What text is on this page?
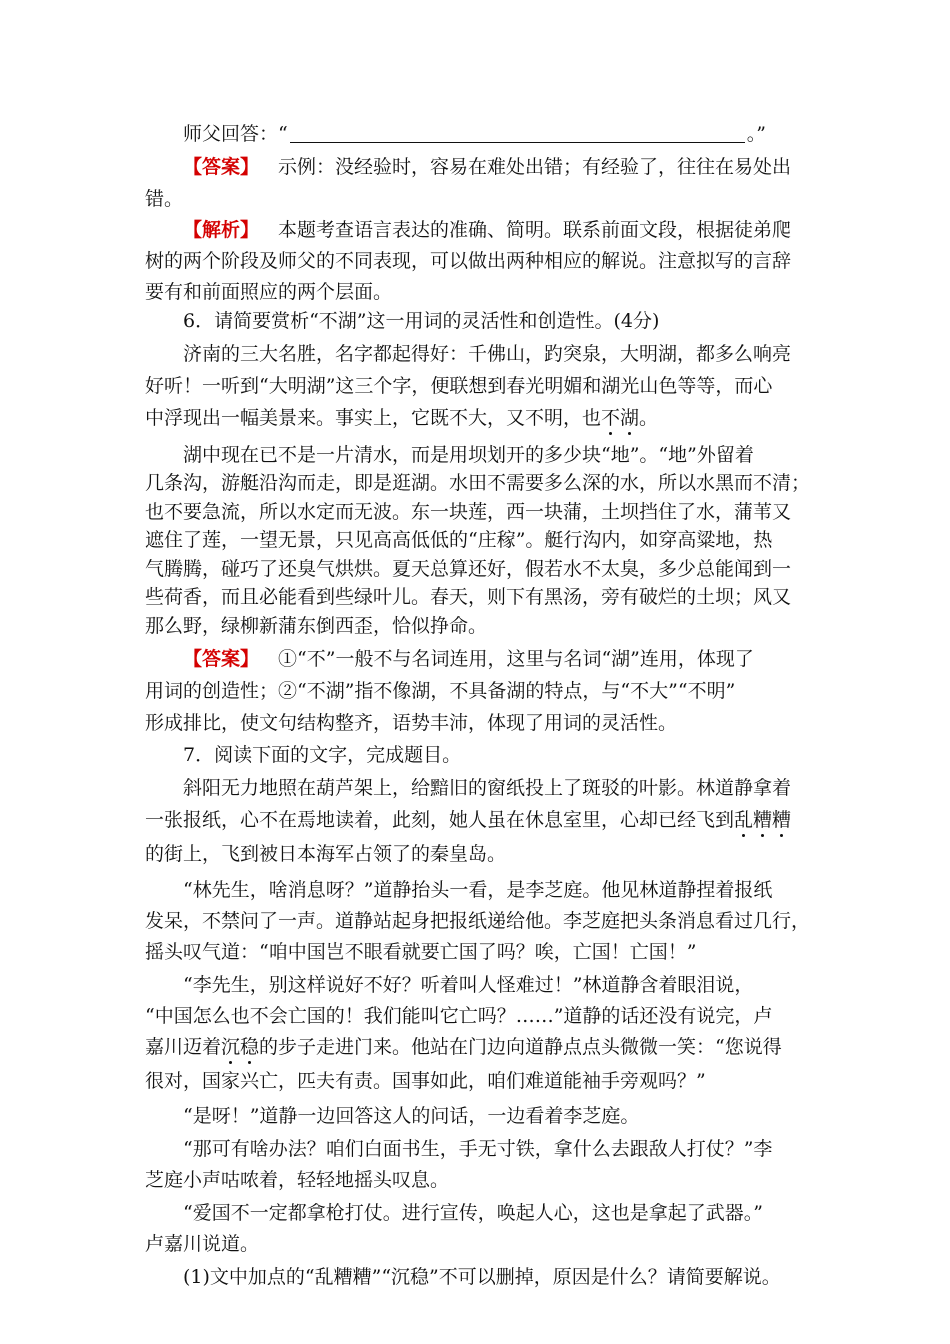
师父回答：“	。”
【答案】  示例：没经验时，容易在难处出错；有经验了，往往在易处出
错。
【解析】  本题考查语言表达的准确、简明。联系前面文段，根据徒弟爬
树的两个阶段及师父的不同表现，可以做出两种相应的解说。注意拟写的言辞
要有和前面照应的两个层面。
6．请简要赏析“不湖”这一用词的灵活性和创造性。(4分)
济南的三大名胜，名字都起得好：千佛山，趵突泉，大明湖，都多么响亮
好听！一听到“大明湖”这三个字，便联想到春光明媚和湖光山色等等，而心
中浮现出一幅美景来。事实上，它既不大，又不明，也不湖。
湖中现在已不是一片清水，而是用坝划开的多少块“地”。“地”外留着
几条沟，游艇沿沟而走，即是逛湖。水田不需要多么深的水，所以水黑而不清；
也不要急流，所以水定而无波。东一块莲，西一块蒲，土坝挡住了水，蒲苇又
遮住了莲，一望无景，只见高高低低的“庄稼”。艇行沟内，如穿高粱地，热
气腾腾，碰巧了还臭气烘烘。夏天总算还好，假若水不太臭，多少总能闻到一
些荷香，而且必能看到些绿叶儿。春天，则下有黑汤，旁有破烂的土坝；风又
那么野，绿柳新蒲东倒西歪，恰似挣命。
【答案】  ①“不”一般不与名词连用，这里与名词“湖”连用，体现了
用词的创造性；②“不湖”指不像湖，不具备湖的特点，与“不大”“不明”
形成排比，使文句结构整齐，语势丰沛，体现了用词的灵活性。
7．阅读下面的文字，完成题目。
斜阳无力地照在葫芦架上，给黯旧的窗纸投上了斑驳的叶影。林道静拿着
一张报纸，心不在焉地读着，此刻，她人虽在休息室里，心却已经飞到乱糟糟
的街上，飞到被日本海军占领了的秦皇岛。
“林先生，啥消息呀？”道静抬头一看，是李芝庭。他见林道静捏着报纸
发呆，不禁问了一声。道静站起身把报纸递给他。李芝庭把头条消息看过几行，
摇头叹气道：“咱中国岂不眼看就要亡国了吗？唉，亡国！亡国！”
“李先生，别这样说好不好？听着叫人怪难过！”林道静含着眼泪说，
“中国怎么也不会亡国的！我们能叫它亡吗？……”道静的话还没有说完，卢
嘉川迈着沉稳的步子走进门来。他站在门边向道静点点头微微一笑：“您说得
很对，国家兴亡，匹夫有责。国事如此，咱们难道能袖手旁观吗？”
“是呀！”道静一边回答这人的问话，一边看着李芝庭。
“那可有啥办法？咱们白面书生，手无寸铁，拿什么去跟敌人打仗？”李
芝庭小声咕哝着，轻轻地摇头叹息。
“爱国不一定都拿枪打仗。进行宣传，唤起人心，这也是拿起了武器。”
卢嘉川说道。
(1)文中加点的“乱糟糟”“沉稳”不可以删掉，原因是什么？请简要解说。
